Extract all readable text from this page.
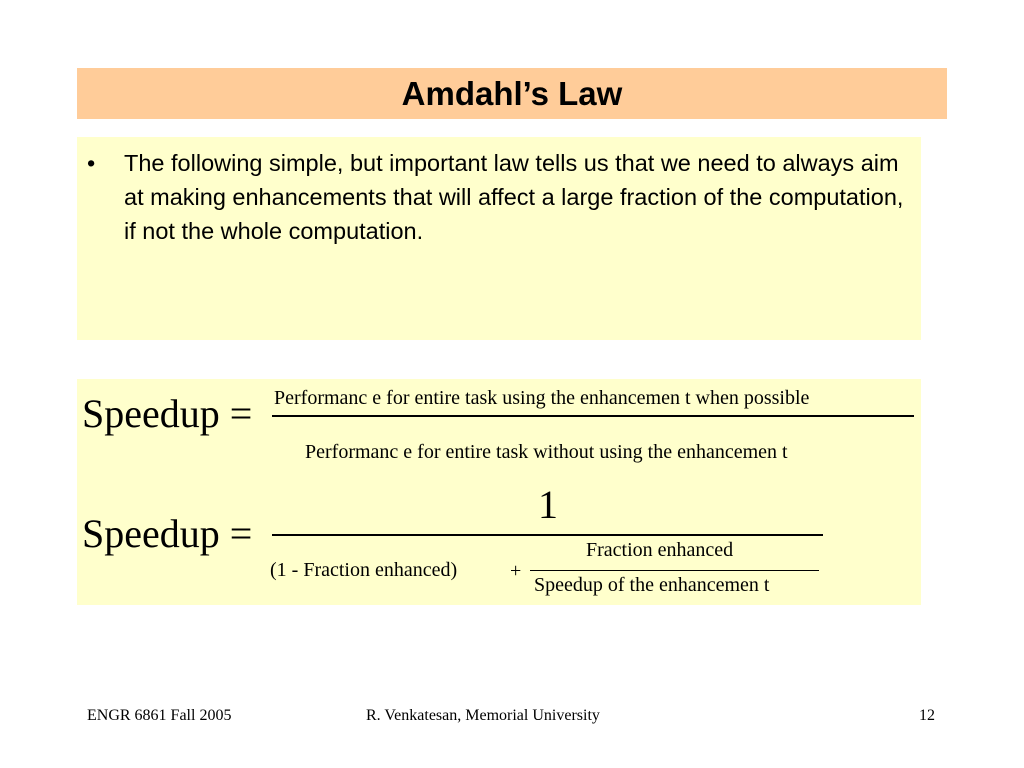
Amdahl’s Law
• The following simple, but important law tells us that we need to always aim at making enhancements that will affect a large fraction of the computation, if not the whole computation.
Speedup = Performanc e for entire task using the enhancemen t when possible
Performanc e for entire task without using the enhancemen t
Speedup =
1
(1 - Fraction enhanced)	+
Fraction enhanced
Speedup of the enhancemen t
ENGR 6861 Fall 2005	R. Venkatesan, Memorial University	12
